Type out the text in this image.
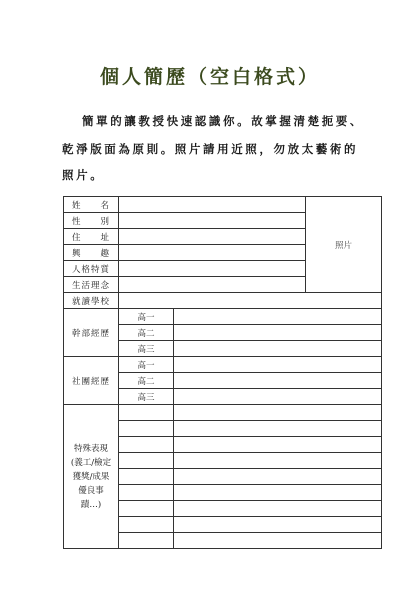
個人簡歷（空白格式）
簡單的讓教授快速認識你。故掌握清楚扼要、
乾淨版面為原則。照片請用近照，勿放太藝術的
照片。
姓　　名			照片
性　　別			
住　　址			
興　　趣			
人格特質			
生活理念			
就讀學校			
幹部經歷	高一		
	高二		
	高三		
社團經歷	高一		
	高二		
	高三		
特殊表現
(義工/檢定
獲獎/成果
優良事
蹟…)			
